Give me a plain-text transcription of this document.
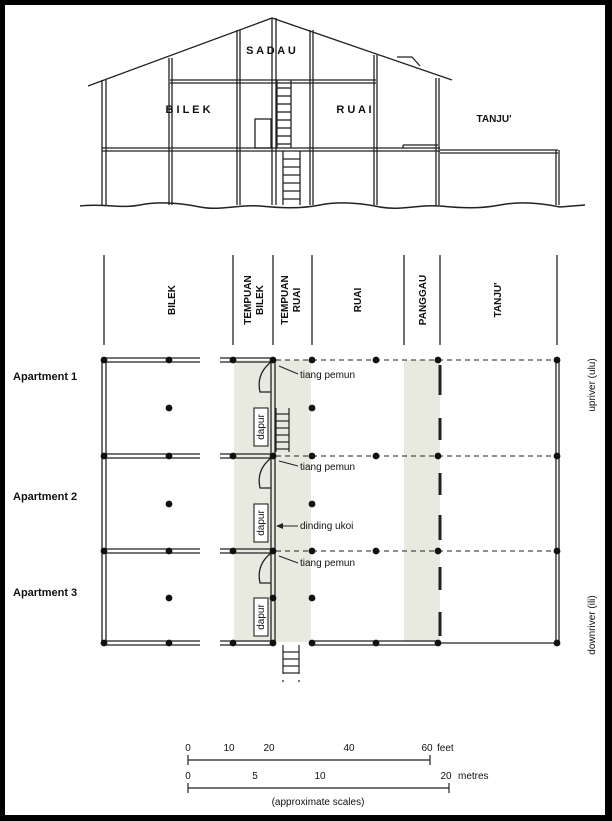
S A D A U
B I L E K	R U A I
TANJU'
BILEK	TEMPUAN BILEK TEMPUAN RUAI	RUAI	PANGGAU	TANJU'
dapur
dapur
dapur
tiang pemun
tiang pemun
tiang pemun
dinding ukoi
Apartment 1
Apartment 2
Apartment 3
upriver (ulu)
downriver (ili)
0	10	20	40	60 feet
0	5	10	20 metres
(approximate scales)
